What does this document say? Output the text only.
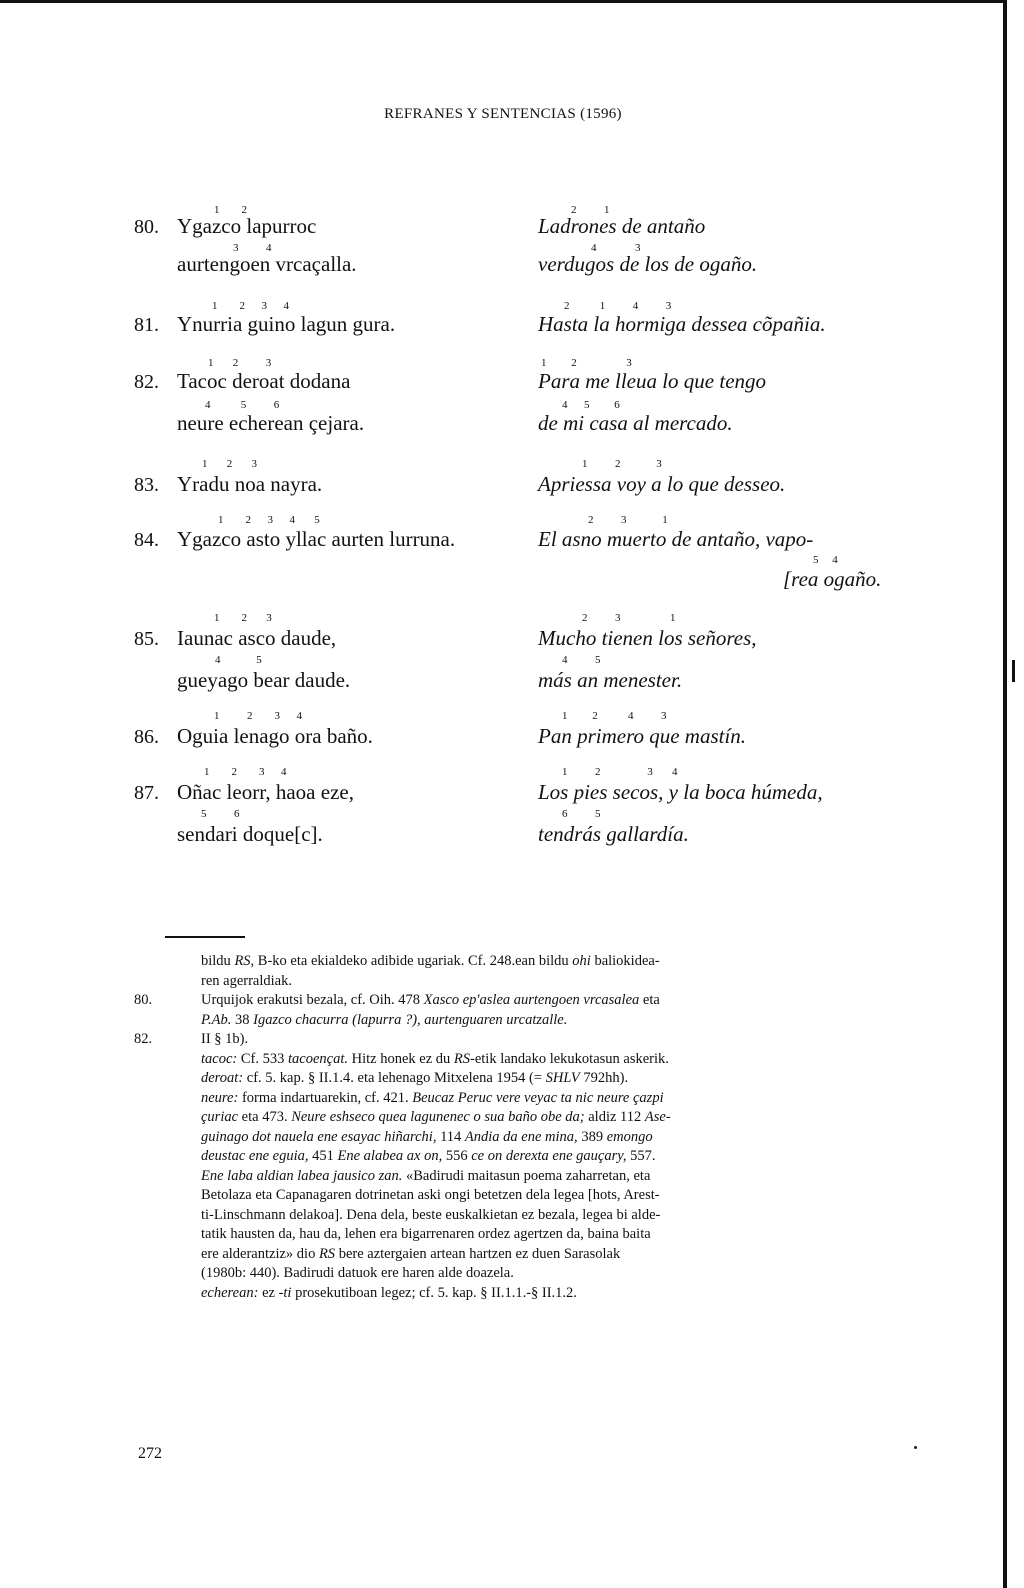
REFRANES Y SENTENCIAS (1596)
80.
1        2
Ygazco lapurroc
3          4
aurtengoen vrcaçalla.
2          1
Ladrones de antaño
4              3
verdugos de los de ogaño.
81.
1        2      3      4
Ynurria guino lagun gura.
2           1          4          3
Hasta la hormiga dessea cõpañia.
82.
1       2          3
Tacoc deroat dodana
4           5          6
neure echerean çejara.
1         2                  3
Para me lleua lo que tengo
4      5         6
de mi casa al mercado.
83.
1       2       3
Yradu noa nayra.
1          2             3
Apriessa voy a lo que desseo.
84.
1        2      3      4       5
Ygazco asto yllac aurten lurruna.
2          3             1
El asno muerto de antaño, vapo-
5     4
[rea ogaño.
85.
1        2       3
Iaunac asco daude,
4             5
gueyago bear daude.
2          3                  1
Mucho tienen los señores,
4          5
más an menester.
86.
1          2        3      4
Oguia lenago ora baño.
1         2           4          3
Pan primero que mastín.
87.
1        2        3      4
Oñac leorr, haoa eze,
5          6
sendari doque[c].
1          2                 3       4
Los pies secos, y la boca húmeda,
6          5
tendrás gallardía.

bildu RS, B-ko eta ekialdeko adibide ugariak. Cf. 248.ean bildu ohi baliokidea-
ren agerraldiak.

80.	Urquijok erakutsi bezala, cf. Oih. 478 Xasco ep'aslea aurtengoen vrcasalea eta
P.Ab. 38 Igazco chacurra (lapurra ?), aurtenguaren urcatzalle.

82.	II § 1b).

tacoc: Cf. 533 tacoençat. Hitz honek ez du RS-etik landako lekukotasun askerik.

deroat: cf. 5. kap. § II.1.4. eta lehenago Mitxelena 1954 (= SHLV 792hh).

neure: forma indartuarekin, cf. 421. Beucaz Peruc vere veyac ta nic neure çazpi
çuriac eta 473. Neure eshseco quea lagunenec o sua baño obe da; aldiz 112 Ase-
guinago dot nauela ene esayac hiñarchi, 114 Andia da ene mina, 389 emongo
deustac ene eguia, 451 Ene alabea ax on, 556 ce on derexta ene gauçary, 557.
Ene laba aldian labea jausico zan. «Badirudi maitasun poema zaharretan, eta
Betolaza eta Capanagaren dotrinetan aski ongi betetzen dela legea [hots, Arest-
ti-Linschmann delakoa]. Dena dela, beste euskalkietan ez bezala, legea bi alde-
tatik hausten da, hau da, lehen era bigarrenaren ordez agertzen da, baina baita
ere alderantziz» dio RS bere aztergaien artean hartzen ez duen Sarasolak
(1980b: 440). Badirudi datuok ere haren alde doazela.

echerean: ez -ti prosekutiboan legez; cf. 5. kap. § II.1.1.-§ II.1.2.

272
